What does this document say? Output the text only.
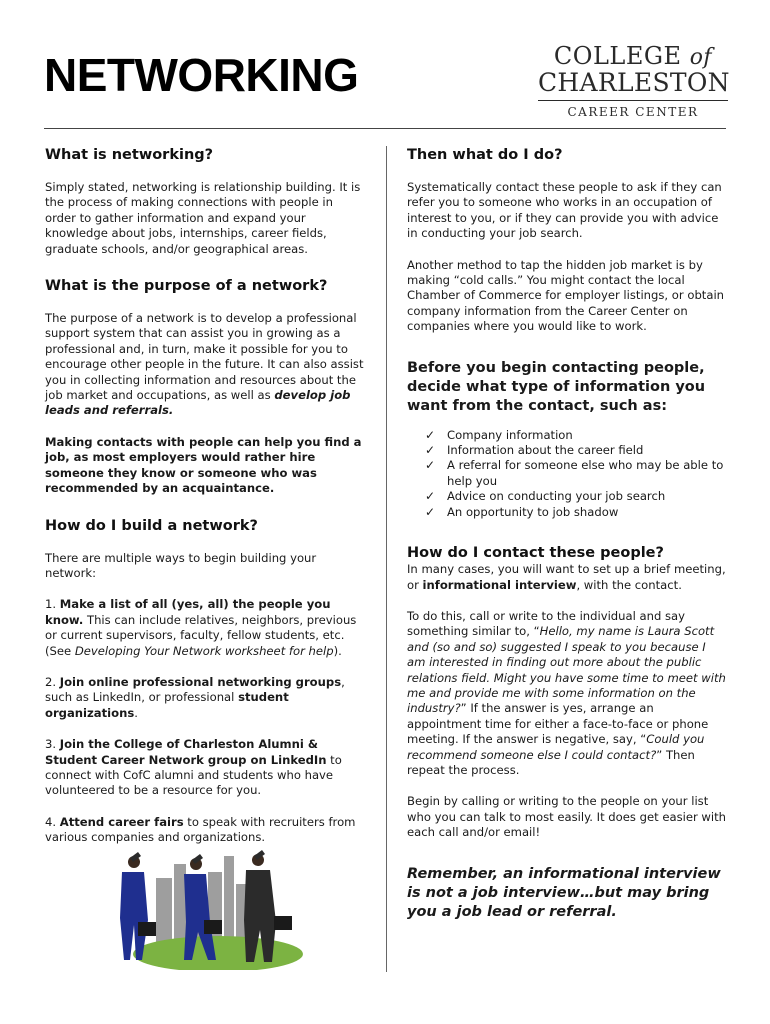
NETWORKING	COLLEGE of
CHARLESTON
CAREER CENTER
What is networking?

Simply stated, networking is relationship building. It is the process of making connections with people in order to gather information and expand your knowledge about jobs, internships, career fields, graduate schools, and/or geographical areas.

What is the purpose of a network?

The purpose of a network is to develop a professional support system that can assist you in growing as a professional and, in turn, make it possible for you to encourage other people in the future. It can also assist you in collecting information and resources about the job market and occupations, as well as develop job leads and referrals.

Making contacts with people can help you find a job, as most employers would rather hire someone they know or someone who was recommended by an acquaintance.

How do I build a network?

There are multiple ways to begin building your network:

1. Make a list of all (yes, all) the people you know. This can include relatives, neighbors, previous or current supervisors, faculty, fellow students, etc. (See Developing Your Network worksheet for help).

2. Join online professional networking groups, such as LinkedIn, or professional student organizations.

3. Join the College of Charleston Alumni & Student Career Network group on LinkedIn to connect with CofC alumni and students who have volunteered to be a resource for you.

4. Attend career fairs to speak with recruiters from various companies and organizations.

Then what do I do?

Systematically contact these people to ask if they can refer you to someone who works in an occupation of interest to you, or if they can provide you with advice in conducting your job search.

Another method to tap the hidden job market is by making “cold calls.” You might contact the local Chamber of Commerce for employer listings, or obtain company information from the Career Center on companies where you would like to work.

Before you begin contacting people, decide what type of information you want from the contact, such as:
✓ Company information
✓ Information about the career field
✓ A referral for someone else who may be able to help you
✓ Advice on conducting your job search
✓ An opportunity to job shadow
How do I contact these people?

In many cases, you will want to set up a brief meeting, or informational interview, with the contact.

To do this, call or write to the individual and say something similar to, “Hello, my name is Laura Scott and (so and so) suggested I speak to you because I am interested in finding out more about the public relations field. Might you have some time to meet with me and provide me with some information on the industry?” If the answer is yes, arrange an appointment time for either a face-to-face or phone meeting. If the answer is negative, say, “Could you recommend someone else I could contact?” Then repeat the process.

Begin by calling or writing to the people on your list who you can talk to most easily. It does get easier with each call and/or email!

Remember, an informational interview is not a job interview…but may bring you a job lead or referral.
